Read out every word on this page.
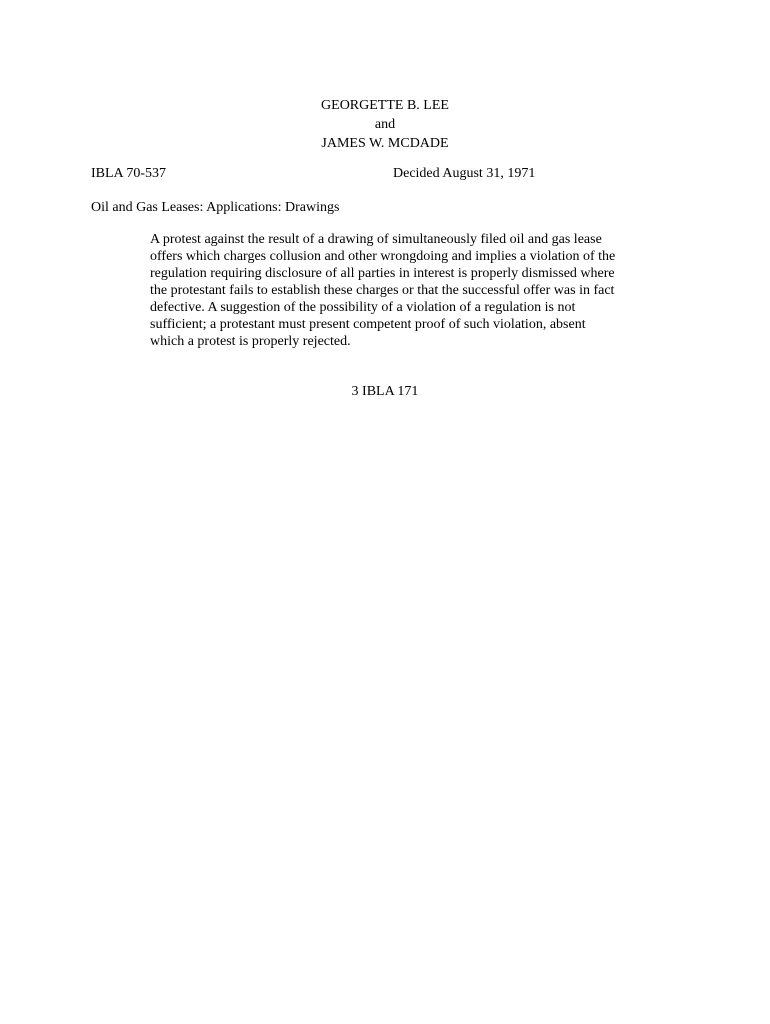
GEORGETTE B. LEE
and
JAMES W. MCDADE
IBLA 70-537	Decided August 31, 1971
Oil and Gas Leases: Applications: Drawings
A protest against the result of a drawing of simultaneously filed oil and gas lease
offers which charges collusion and other wrongdoing and implies a violation of the
regulation requiring disclosure of all parties in interest is properly dismissed where
the protestant fails to establish these charges or that the successful offer was in fact
defective. A suggestion of the possibility of a violation of a regulation is not
sufficient; a protestant must present competent proof of such violation, absent
which a protest is properly rejected.
3 IBLA 171
